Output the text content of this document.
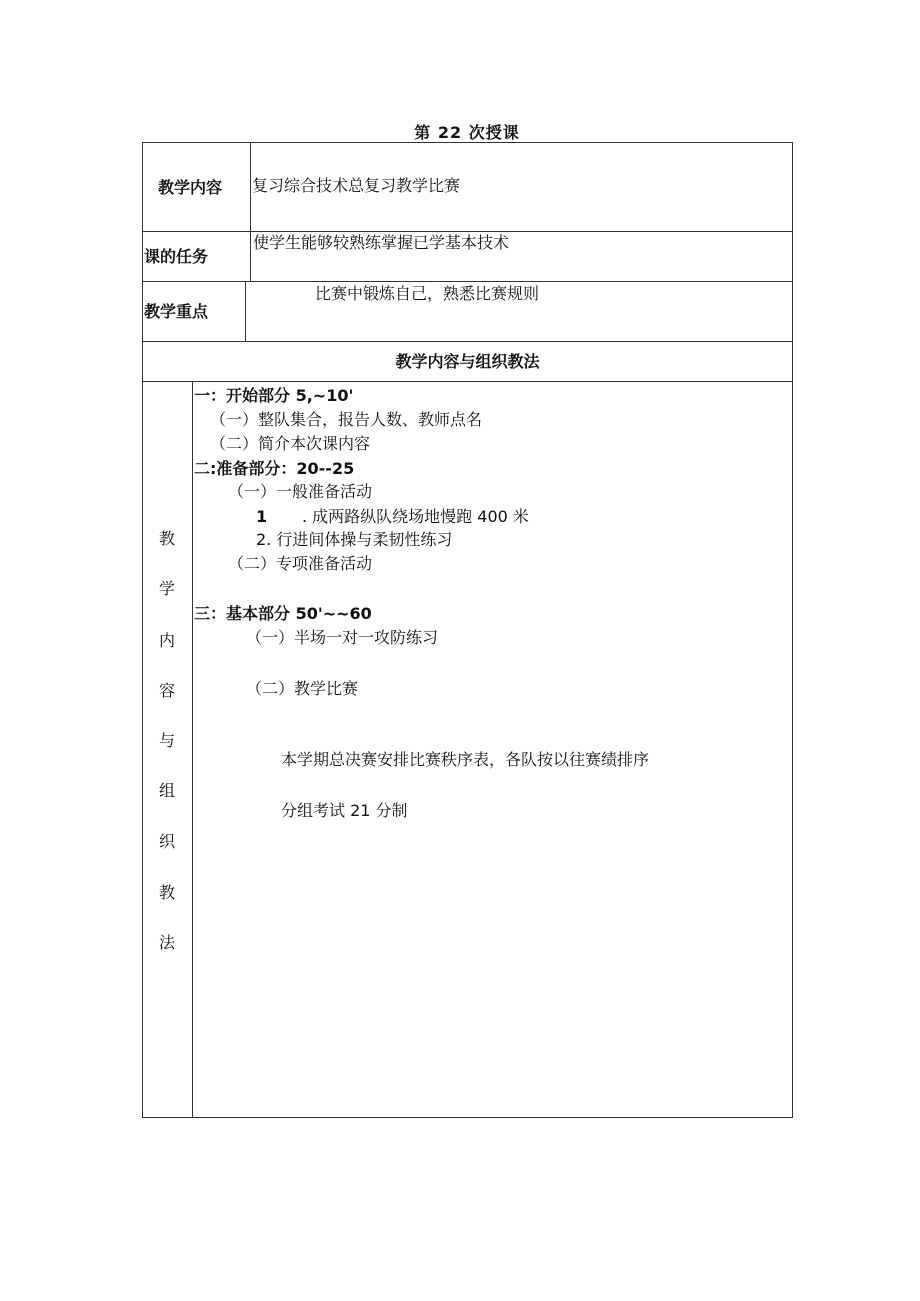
第 22 次授课
教学内容 复习综合技术总复习教学比赛
课的任务
使学生能够较熟练掌握已学基本技术
教学重点
比赛中锻炼自己，熟悉比赛规则
教学内容与组织教法
教
学
内
容
与
组
织
教
法
一：开始部分 5,~10'
（一）整队集合，报告人数、教师点名
（二）简介本次课内容
二:准备部分：20--25
（一）一般准备活动
1 . 成两路纵队绕场地慢跑 400 米
2. 行进间体操与柔韧性练习
（二）专项准备活动
三：基本部分 50'~~60
（一）半场一对一攻防练习
（二）教学比赛
本学期总决赛安排比赛秩序表，各队按以往赛绩排序
分组考试 21 分制
